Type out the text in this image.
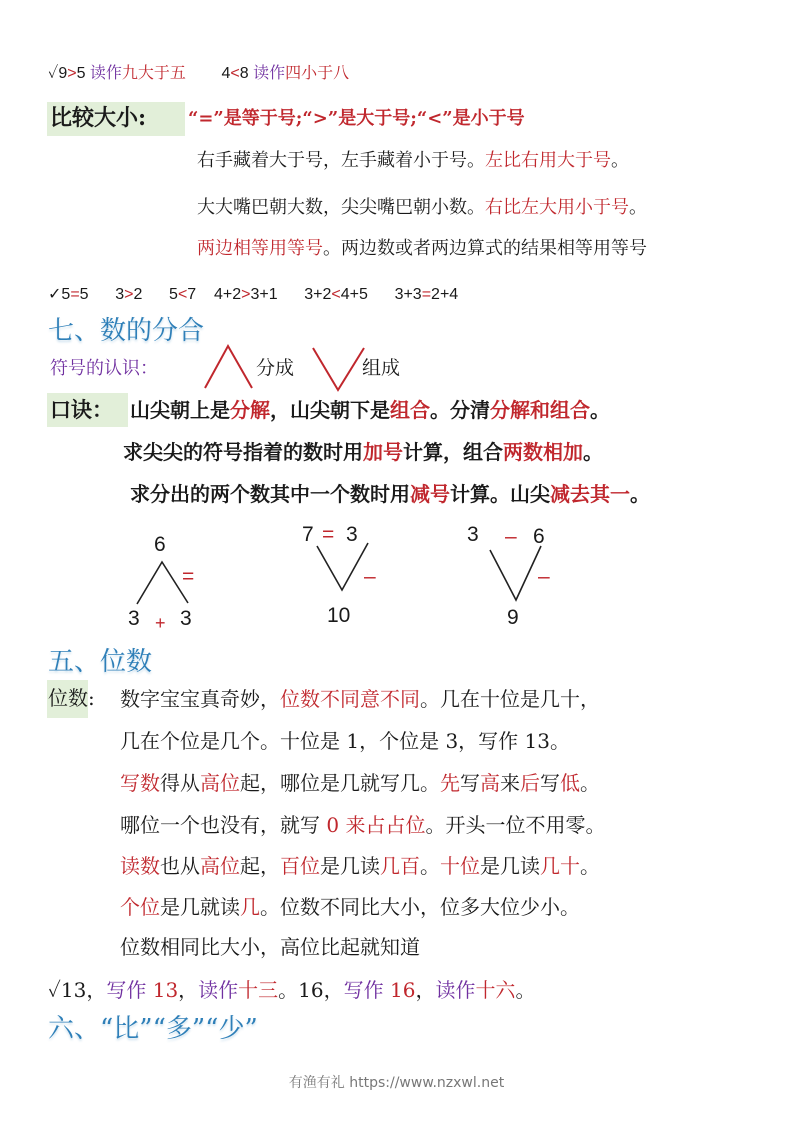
✓9>5 读作九大于五        4<8 读作四小于八
比较大小: “=”是等于号;“>”是大于号;“<”是小于号
右手藏着大于号，左手藏着小于号。左比右用大于号。
大大嘴巴朝大数，尖尖嘴巴朝小数。右比左大用小于号。
两边相等用等号。两边数或者两边算式的结果相等用等号
✓5=5      3>2      5<7    4+2>3+1      3+2<4+5      3+3=2+4
七、数的分合
符号的认识：	分成	组成
口诀： 山尖朝上是分解，山尖朝下是组合。分清分解和组合。
求尖尖的符号指着的数时用加号计算，组合两数相加。
求分出的两个数其中一个数时用减号计算。山尖减去其一。
6
=
3 + 3
7 = 3
–
10
3 – 6
–
9
五、位数
位数: 数字宝宝真奇妙，位数不同意不同。几在十位是几十，
几在个位是几个。十位是 1，个位是 3，写作 13。
写数得从高位起，哪位是几就写几。先写高来后写低。
哪位一个也没有，就写 0 来占占位。开头一位不用零。
读数也从高位起，百位是几读几百。十位是几读几十。
个位是几就读几。位数不同比大小，位多大位少小。
位数相同比大小，高位比起就知道
✓13，写作 13，读作十三。16，写作 16，读作十六。
六、“比”“多”“少”
有渔有礼 https://www.nzxwl.net
